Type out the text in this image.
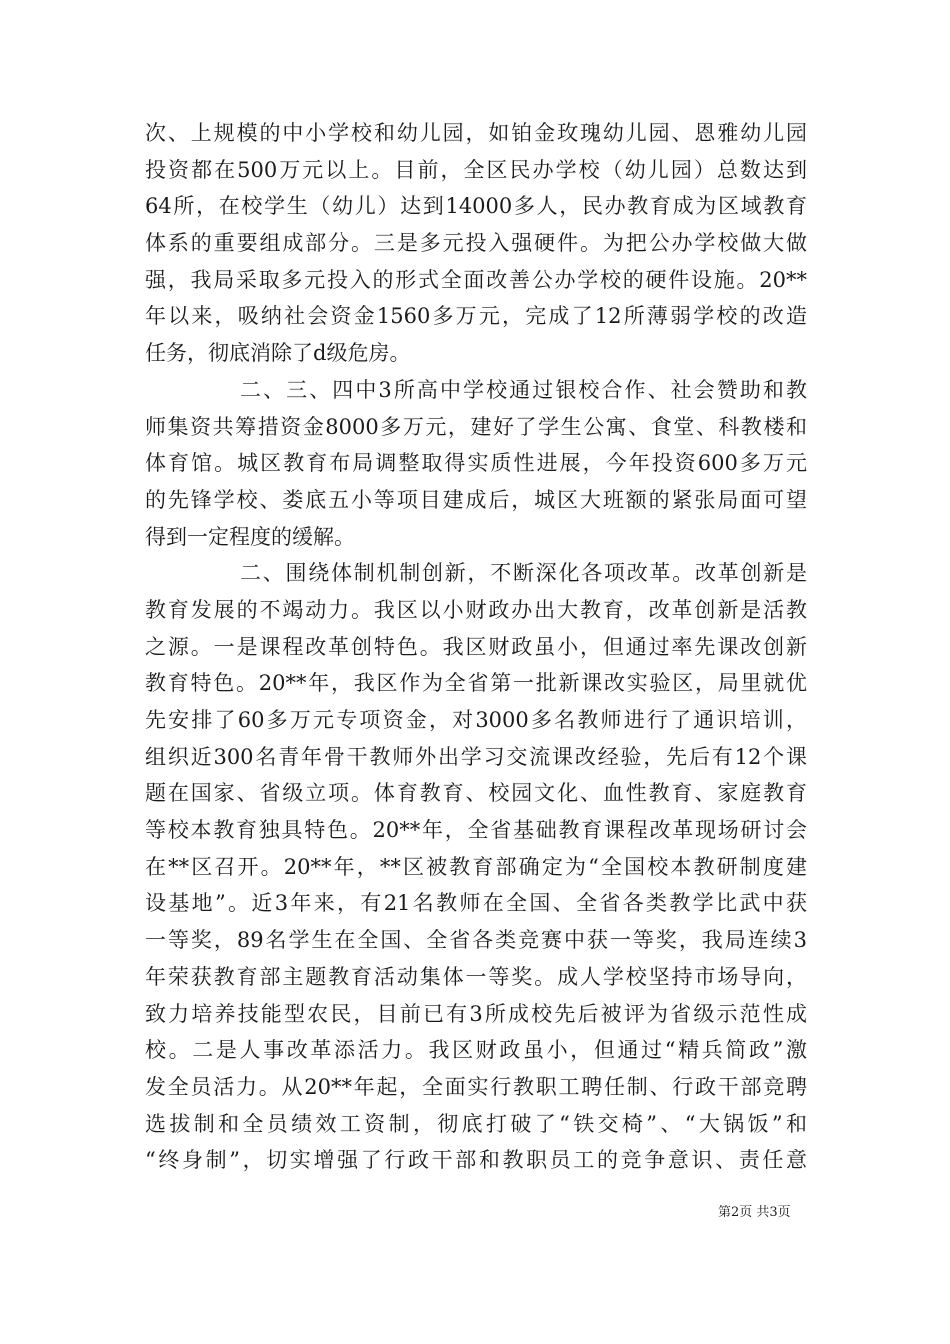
次、上规模的中小学校和幼儿园，如铂金玫瑰幼儿园、恩雅幼儿园
投资都在500万元以上。目前，全区民办学校（幼儿园）总数达到
64所，在校学生（幼儿）达到14000多人，民办教育成为区域教育
体系的重要组成部分。三是多元投入强硬件。为把公办学校做大做
强，我局采取多元投入的形式全面改善公办学校的硬件设施。20**
年以来，吸纳社会资金1560多万元，完成了12所薄弱学校的改造
任务，彻底消除了d级危房。
二、三、四中3所高中学校通过银校合作、社会赞助和教
师集资共筹措资金8000多万元，建好了学生公寓、食堂、科教楼和
体育馆。城区教育布局调整取得实质性进展，今年投资600多万元
的先锋学校、娄底五小等项目建成后，城区大班额的紧张局面可望
得到一定程度的缓解。
二、围绕体制机制创新，不断深化各项改革。改革创新是
教育发展的不竭动力。我区以小财政办出大教育，改革创新是活教
之源。一是课程改革创特色。我区财政虽小，但通过率先课改创新
教育特色。20**年，我区作为全省第一批新课改实验区，局里就优
先安排了60多万元专项资金，对3000多名教师进行了通识培训，
组织近300名青年骨干教师外出学习交流课改经验，先后有12个课
题在国家、省级立项。体育教育、校园文化、血性教育、家庭教育
等校本教育独具特色。20**年，全省基础教育课程改革现场研讨会
在**区召开。20**年，**区被教育部确定为“全国校本教研制度建
设基地”。近3年来，有21名教师在全国、全省各类教学比武中获
一等奖，89名学生在全国、全省各类竞赛中获一等奖，我局连续3
年荣获教育部主题教育活动集体一等奖。成人学校坚持市场导向，
致力培养技能型农民，目前已有3所成校先后被评为省级示范性成
校。二是人事改革添活力。我区财政虽小，但通过“精兵简政”激
发全员活力。从20**年起，全面实行教职工聘任制、行政干部竞聘
选拔制和全员绩效工资制，彻底打破了“铁交椅”、“大锅饭”和
“终身制”，切实增强了行政干部和教职员工的竞争意识、责任意
第2页 共3页
